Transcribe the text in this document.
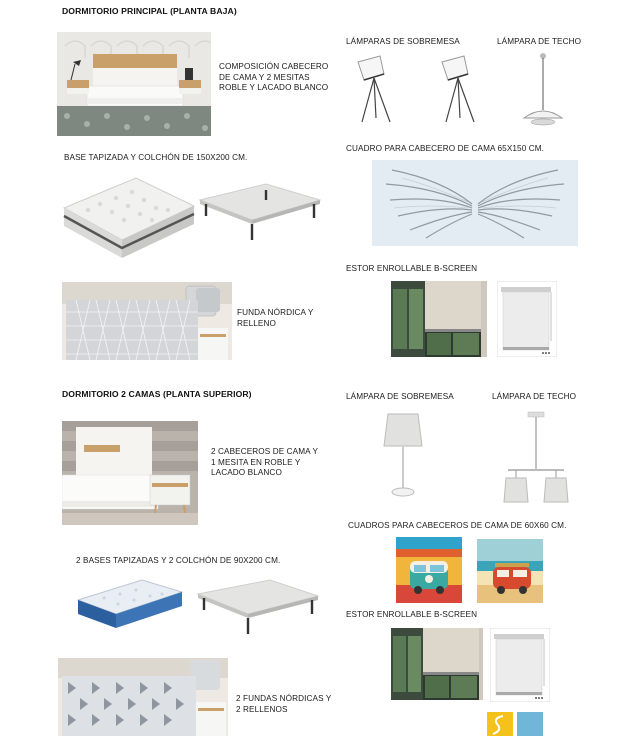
DORMITORIO PRINCIPAL (PLANTA BAJA)
COMPOSICIÓN CABECERO DE CAMA Y 2 MESITAS ROBLE Y LACADO BLANCO
BASE TAPIZADA Y COLCHÓN DE 150X200 CM.
FUNDA NÓRDICA Y RELLENO
LÁMPARAS DE SOBREMESA	LÁMPARA DE TECHO
CUADRO PARA CABECERO DE CAMA 65X150 CM.
ESTOR ENROLLABLE B-SCREEN
DORMITORIO 2 CAMAS (PLANTA SUPERIOR)
2 CABECEROS DE CAMA Y 1 MESITA EN ROBLE Y LACADO BLANCO
2 BASES TAPIZADAS Y 2 COLCHÓN DE 90X200 CM.
2 FUNDAS NÓRDICAS Y 2 RELLENOS
LÁMPARA DE SOBREMESA	LÁMPARA DE TECHO
CUADROS PARA CABECEROS DE CAMA DE 60X60 CM.
ESTOR ENROLLABLE B-SCREEN
